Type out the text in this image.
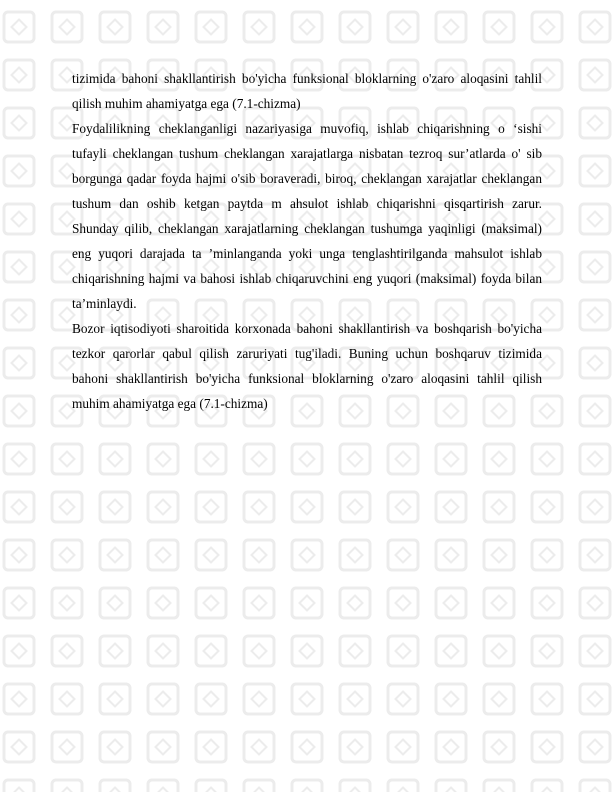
tizimida bahoni shakllantirish bo'yicha funksional bloklarning o'zaro aloqasini tahlil qilish muhim ahamiyatga ega (7.1-chizma)

Foydalilikning cheklanganligi nazariyasiga muvofiq, ishlab chiqarishning o ‘sishi tufayli cheklangan tushum cheklangan xarajatlarga nisbatan tezroq sur’atlarda o' sib borgunga qadar foyda hajmi o'sib boraveradi, biroq, cheklangan xarajatlar cheklangan tushum dan oshib ketgan paytda m ahsulot ishlab chiqarishni qisqartirish zarur. Shunday qilib, cheklangan xarajatlarning cheklangan tushumga yaqinligi (maksimal) eng yuqori darajada ta ’minlanganda yoki unga tenglashtirilganda mahsulot ishlab chiqarishning hajmi va bahosi ishlab chiqaruvchini eng yuqori (maksimal) foyda bilan ta’minlaydi.

Bozor iqtisodiyoti sharoitida korxonada bahoni shakllantirish va boshqarish bo'yicha tezkor qarorlar qabul qilish zaruriyati tug'iladi. Buning uchun boshqaruv tizimida bahoni shakllantirish bo'yicha funksional bloklarning o'zaro aloqasini tahlil qilish muhim ahamiyatga ega (7.1-chizma)
